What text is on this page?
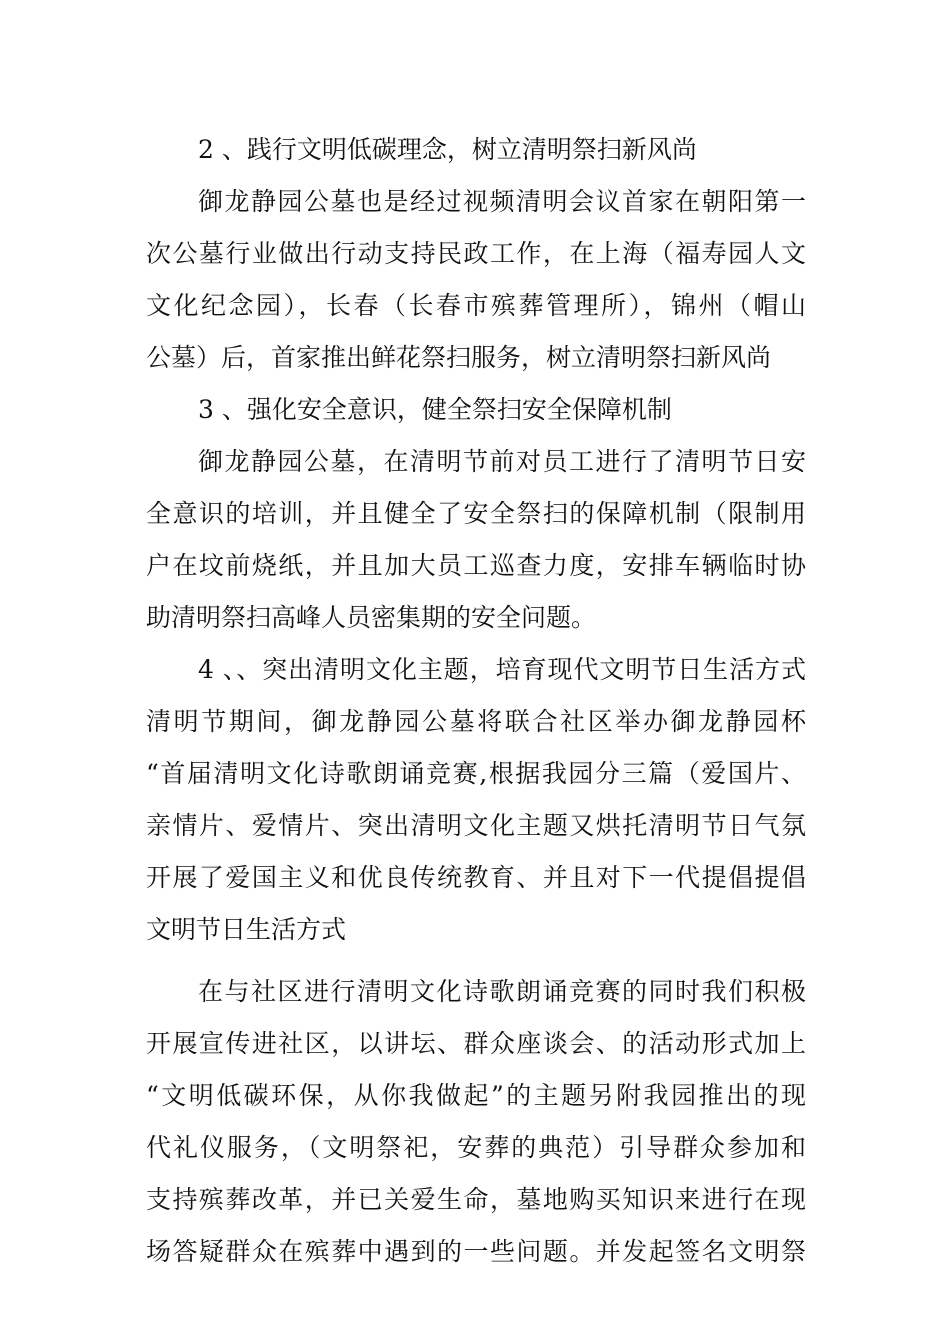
2 、践行文明低碳理念，树立清明祭扫新风尚
御龙静园公墓也是经过视频清明会议首家在朝阳第一
次公墓行业做出行动支持民政工作，在上海（福寿园人文
文化纪念园），长春（长春市殡葬管理所），锦州（帽山
公墓）后，首家推出鲜花祭扫服务，树立清明祭扫新风尚
3 、强化安全意识，健全祭扫安全保障机制
御龙静园公墓，在清明节前对员工进行了清明节日安
全意识的培训，并且健全了安全祭扫的保障机制（限制用
户在坟前烧纸，并且加大员工巡查力度，安排车辆临时协
助清明祭扫高峰人员密集期的安全问题。
4 、、突出清明文化主题，培育现代文明节日生活方式
清明节期间，御龙静园公墓将联合社区举办御龙静园杯
“首届清明文化诗歌朗诵竞赛,根据我园分三篇（爱国片、
亲情片、爱情片、突出清明文化主题又烘托清明节日气氛
开展了爱国主义和优良传统教育、并且对下一代提倡提倡
文明节日生活方式
在与社区进行清明文化诗歌朗诵竞赛的同时我们积极
开展宣传进社区，以讲坛、群众座谈会、的活动形式加上
“文明低碳环保，从你我做起”的主题另附我园推出的现
代礼仪服务，（文明祭祀，安葬的典范）引导群众参加和
支持殡葬改革，并已关爱生命，墓地购买知识来进行在现
场答疑群众在殡葬中遇到的一些问题。并发起签名文明祭
